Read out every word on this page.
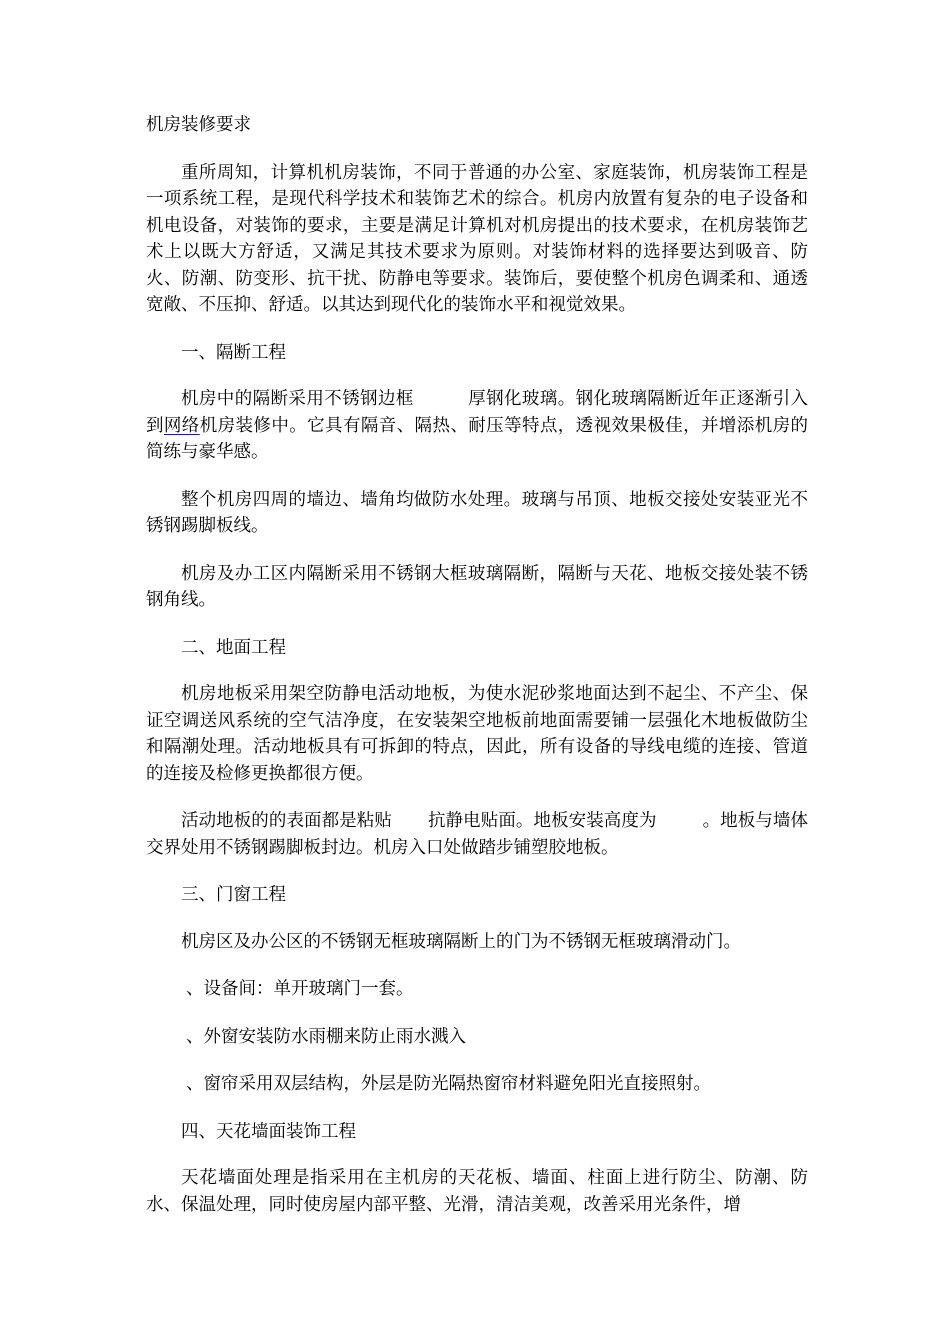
机房装修要求

重所周知，计算机机房装饰，不同于普通的办公室、家庭装饰，机房装饰工程是一项系统工程，是现代科学技术和装饰艺术的综合。机房内放置有复杂的电子设备和机电设备，对装饰的要求，主要是满足计算机对机房提出的技术要求，在机房装饰艺术上以既大方舒适，又满足其技术要求为原则。对装饰材料的选择要达到吸音、防火、防潮、防变形、抗干扰、防静电等要求。装饰后，要使整个机房色调柔和、通透宽敞、不压抑、舒适。以其达到现代化的装饰水平和视觉效果。

一、隔断工程

机房中的隔断采用不锈钢边框	厚钢化玻璃。钢化玻璃隔断近年正逐渐引入到网络机房装修中。它具有隔音、隔热、耐压等特点，透视效果极佳，并增添机房的简练与豪华感。

整个机房四周的墙边、墙角均做防水处理。玻璃与吊顶、地板交接处安装亚光不锈钢踢脚板线。

机房及办工区内隔断采用不锈钢大框玻璃隔断，隔断与天花、地板交接处装不锈钢角线。

二、地面工程

机房地板采用架空防静电活动地板，为使水泥砂浆地面达到不起尘、不产尘、保证空调送风系统的空气洁净度，在安装架空地板前地面需要铺一层强化木地板做防尘和隔潮处理。活动地板具有可拆卸的特点，因此，所有设备的导线电缆的连接、管道的连接及检修更换都很方便。

活动地板的的表面都是粘贴 抗静电贴面。地板安装高度为	。地板与墙体交界处用不锈钢踢脚板封边。机房入口处做踏步铺塑胶地板。

三、门窗工程

机房区及办公区的不锈钢无框玻璃隔断上的门为不锈钢无框玻璃滑动门。

、设备间：单开玻璃门一套。

、外窗安装防水雨棚来防止雨水溅入

、窗帘采用双层结构，外层是防光隔热窗帘材料避免阳光直接照射。

四、天花墙面装饰工程

天花墙面处理是指采用在主机房的天花板、墙面、柱面上进行防尘、防潮、防水、保温处理，同时使房屋内部平整、光滑，清洁美观，改善采用光条件，增
